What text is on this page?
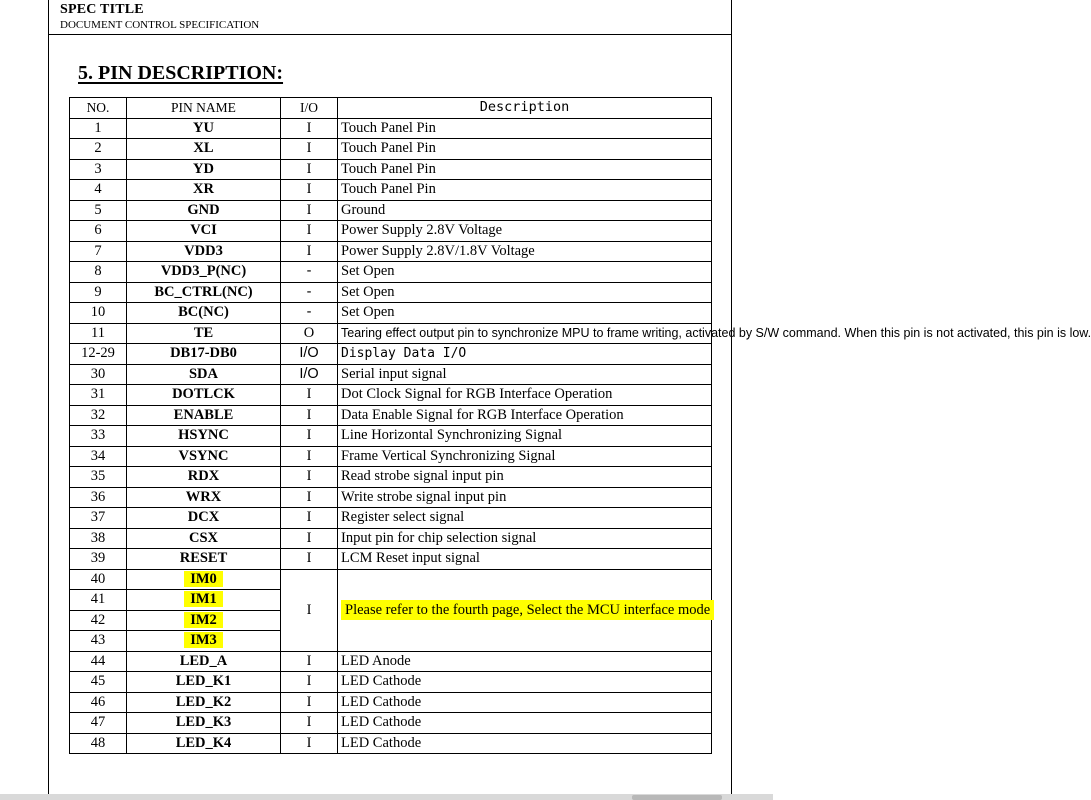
SPEC TITLE
DOCUMENT CONTROL SPECIFICATION
5. PIN DESCRIPTION:
NO.	PIN NAME	I/O	Description
1	YU	I	Touch Panel Pin
2	XL	I	Touch Panel Pin
3	YD	I	Touch Panel Pin
4	XR	I	Touch Panel Pin
5	GND	I	Ground
6	VCI	I	Power Supply 2.8V Voltage
7	VDD3	I	Power Supply 2.8V/1.8V Voltage
8	VDD3_P(NC)	-	Set Open
9	BC_CTRL(NC)	-	Set Open
10	BC(NC)	-	Set Open
11	TE	O	Tearing effect output pin to synchronize MPU to frame writing, activated by S/W command. When this pin is not activated, this pin is low.
12-29	DB17-DB0	I/O	Display Data I/O
30	SDA	I/O	Serial input signal
31	DOTLCK	I	Dot Clock Signal for RGB Interface Operation
32	ENABLE	I	Data Enable Signal for RGB Interface Operation
33	HSYNC	I	Line Horizontal Synchronizing Signal
34	VSYNC	I	Frame Vertical Synchronizing Signal
35	RDX	I	Read strobe signal input pin
36	WRX	I	Write strobe signal input pin
37	DCX	I	Register select signal
38	CSX	I	Input pin for chip selection signal
39	RESET	I	LCM Reset input signal
40	IM0	I	Please refer to the fourth page, Select the MCU interface mode
41	IM1		
42	IM2		
43	IM3		
44	LED_A	I	LED Anode
45	LED_K1	I	LED Cathode
46	LED_K2	I	LED Cathode
47	LED_K3	I	LED Cathode
48	LED_K4	I	LED Cathode
